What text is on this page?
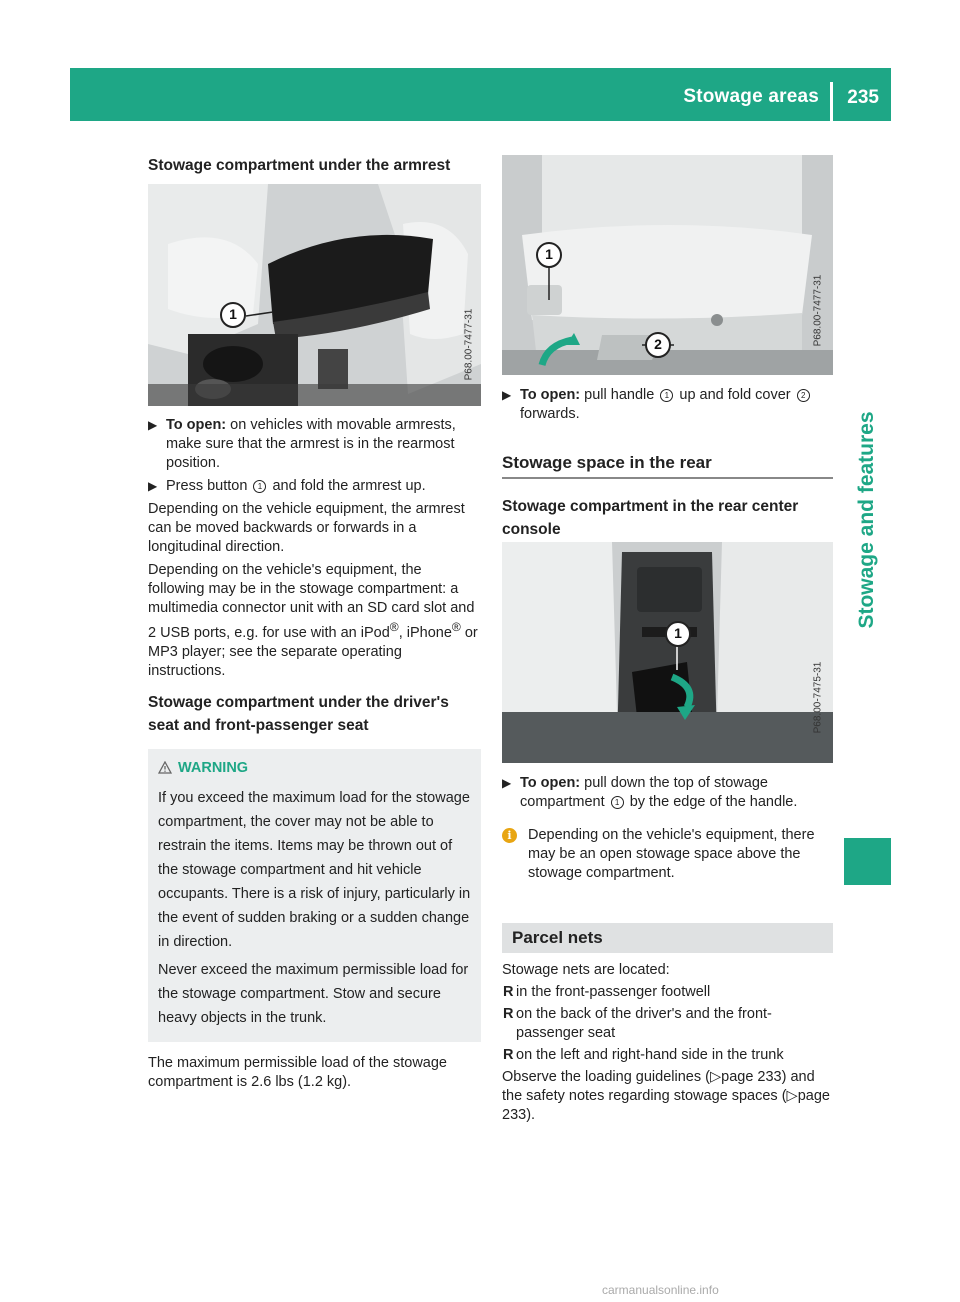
Stowage areas 235
Stowage and features

Stowage compartment under the armrest

1	P68.00-7477-31
▶ To open: on vehicles with movable armrests, make sure that the armrest is in the rearmost position.
▶ Press button 1 and fold the armrest up.

Depending on the vehicle equipment, the armrest can be moved backwards or forwards in a longitudinal direction.

Depending on the vehicle's equipment, the following may be in the stowage compartment: a multimedia connector unit with an SD card slot and 2 USB ports, e.g. for use with an iPod®, iPhone® or MP3 player; see the separate operating instructions.

Stowage compartment under the driver's seat and front-passenger seat

WARNING

If you exceed the maximum load for the stowage compartment, the cover may not be able to restrain the items. Items may be thrown out of the stowage compartment and hit vehicle occupants. There is a risk of injury, particularly in the event of sudden braking or a sudden change in direction.

Never exceed the maximum permissible load for the stowage compartment. Stow and secure heavy objects in the trunk.

The maximum permissible load of the stowage compartment is 2.6 lbs (1.2 kg).

1
2	P68.00-7477-31
▶ To open: pull handle 1 up and fold cover 2 forwards.

Stowage space in the rear

Stowage compartment in the rear center console

1
P68.00-7475-31
▶ To open: pull down the top of stowage compartment 1 by the edge of the handle.
i	Depending on the vehicle's equipment, there may be an open stowage space above the stowage compartment.
Parcel nets

Stowage nets are located:

R in the front-passenger footwell
R on the back of the driver's and the front-passenger seat
R on the left and right-hand side in the trunk

Observe the loading guidelines (▷page 233) and the safety notes regarding stowage spaces (▷page 233).

carmanualsonline.info
